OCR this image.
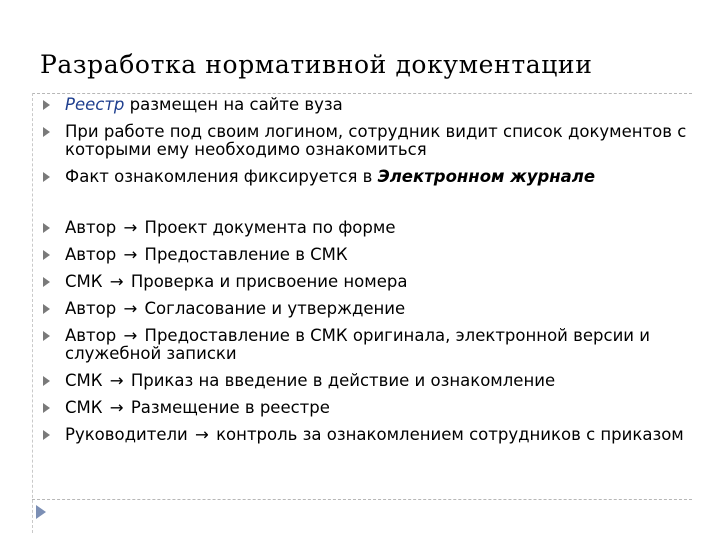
Разработка нормативной документации
Реестр размещен на сайте вуза
При работе под своим логином, сотрудник видит список документов с которыми ему необходимо ознакомиться
Факт ознакомления фиксируется в Электронном журнале
Автор → Проект документа по форме
Автор → Предоставление в СМК
СМК → Проверка и присвоение номера
Автор → Согласование и утверждение
Автор → Предоставление в СМК оригинала, электронной версии и служебной записки
СМК → Приказ на введение в действие и ознакомление
СМК → Размещение в реестре
Руководители → контроль за ознакомлением сотрудников с приказом
